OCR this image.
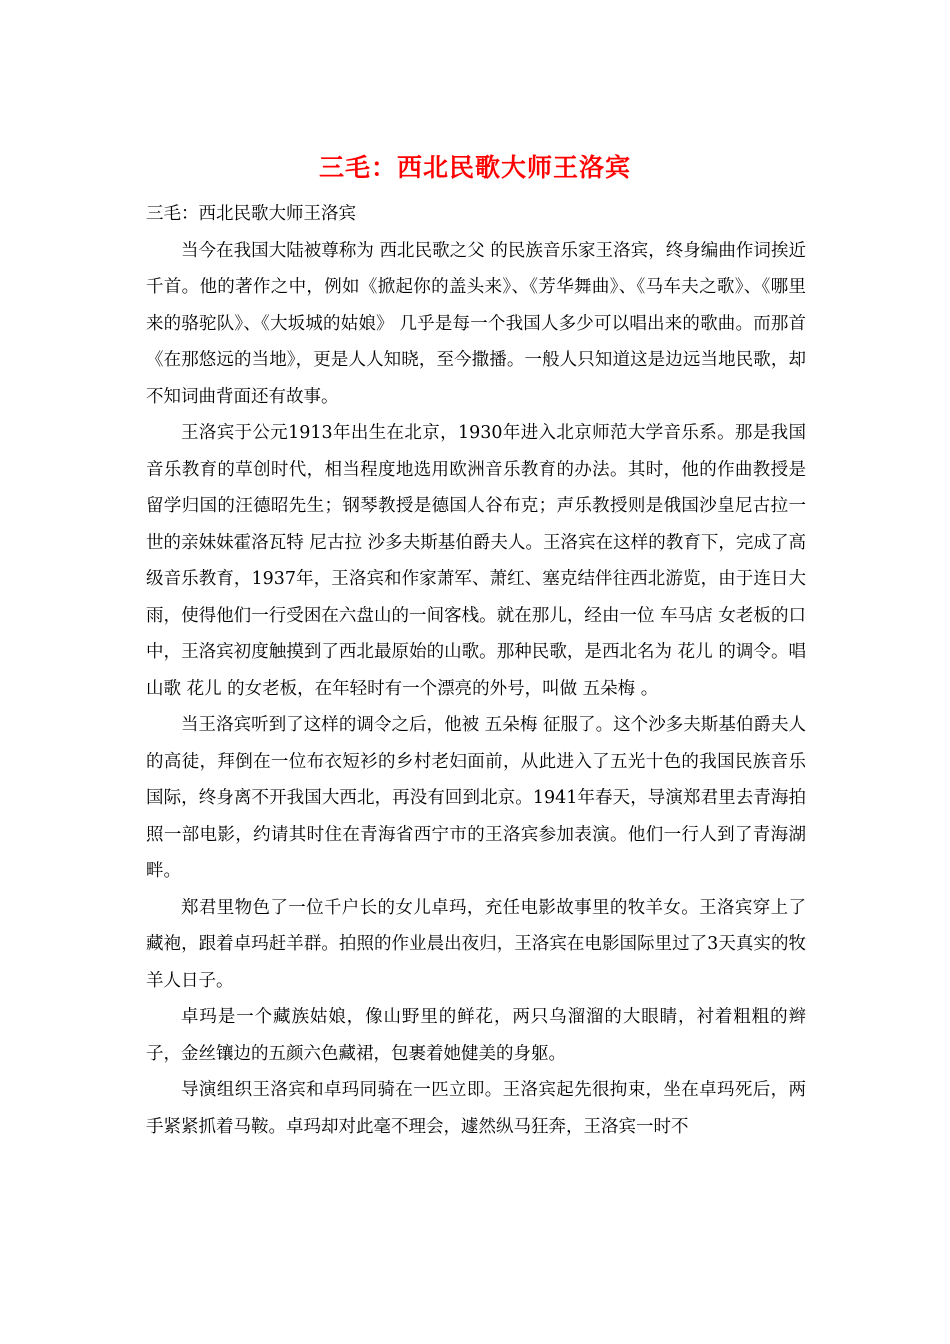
三毛：西北民歌大师王洛宾

三毛：西北民歌大师王洛宾

当今在我国大陆被尊称为 西北民歌之父 的民族音乐家王洛宾，终身编曲作词挨近千首。他的著作之中，例如《掀起你的盖头来》、《芳华舞曲》、《马车夫之歌》、《哪里来的骆驼队》、《大坂城的姑娘》 几乎是每一个我国人多少可以唱出来的歌曲。而那首《在那悠远的当地》，更是人人知晓，至今撒播。一般人只知道这是边远当地民歌，却不知词曲背面还有故事。

王洛宾于公元1913年出生在北京，1930年进入北京师范大学音乐系。那是我国音乐教育的草创时代，相当程度地选用欧洲音乐教育的办法。其时，他的作曲教授是留学归国的汪德昭先生；钢琴教授是德国人谷布克；声乐教授则是俄国沙皇尼古拉一世的亲妹妹霍洛瓦特 尼古拉 沙多夫斯基伯爵夫人。王洛宾在这样的教育下，完成了高级音乐教育，1937年，王洛宾和作家萧军、萧红、塞克结伴往西北游览，由于连日大雨，使得他们一行受困在六盘山的一间客栈。就在那儿，经由一位 车马店 女老板的口中，王洛宾初度触摸到了西北最原始的山歌。那种民歌，是西北名为 花儿 的调令。唱山歌 花儿 的女老板，在年轻时有一个漂亮的外号，叫做 五朵梅 。

当王洛宾听到了这样的调令之后，他被 五朵梅 征服了。这个沙多夫斯基伯爵夫人的高徒，拜倒在一位布衣短衫的乡村老妇面前，从此进入了五光十色的我国民族音乐国际，终身离不开我国大西北，再没有回到北京。1941年春天，导演郑君里去青海拍照一部电影，约请其时住在青海省西宁市的王洛宾参加表演。他们一行人到了青海湖畔。

郑君里物色了一位千户长的女儿卓玛，充任电影故事里的牧羊女。王洛宾穿上了藏袍，跟着卓玛赶羊群。拍照的作业晨出夜归，王洛宾在电影国际里过了3天真实的牧羊人日子。

卓玛是一个藏族姑娘，像山野里的鲜花，两只乌溜溜的大眼睛，衬着粗粗的辫子，金丝镶边的五颜六色藏裙，包裹着她健美的身躯。

导演组织王洛宾和卓玛同骑在一匹立即。王洛宾起先很拘束，坐在卓玛死后，两手紧紧抓着马鞍。卓玛却对此毫不理会，遽然纵马狂奔，王洛宾一时不
